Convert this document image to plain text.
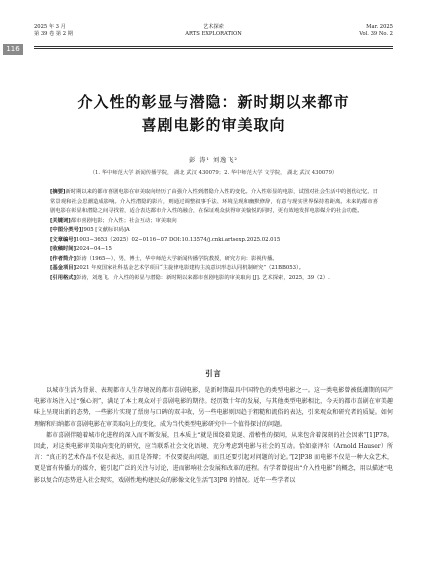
116
2025 年 3 月
第 39 卷 第 2 期
艺术探索
ARTS EXPLORATION
Mar. 2025
Vol. 39 No. 2
介入性的彰显与潜隐：新时期以来都市
喜剧电影的审美取向
彭 涛¹ 刘逸飞²
（1. 华中师范大学 新闻传播学院， 湖北 武汉 430079；2. 华中师范大学 文学院， 湖北 武汉 430079）

[摘要]新时期以来的都市喜剧电影在审美取向经历了由强介入性到潜隐介入性的变化。介入性彰显的电影，试图对社会生活中的创伤记忆、日常景观和社会思潮造成影响。介入性潜隐的影片，则通过调整叙事手法、环境呈现和幽默修辞，有意与现实世界保持着距离。未来的都市喜剧电影在彰显和潜隐之间寻找着，适合表达都市介入性的融合，在保证观众获得审美愉悦的同时，更有效地发挥电影媒介的社会功能。

[关键词]都市喜剧电影；介入性；社会互动；审美取向

[中图分类号]J905 [文献标识码]A

[文章编号]1003−3653（2025）02−0116−07 DOI:10.13574/j.cnki.artsexp.2025.02.015

[收稿时间]2024−04−15

[作者简介]彭涛（1965—），男，博士，华中师范大学新闻传播学院教授，研究方向：影视传播。

[基金项目]2021 年度国家社科基金艺术学项目“主旋律电影建构主流意识形态认同机制研究”（21BB053）。

[引用格式]彭涛，刘逸飞．介入性的彰显与潜隐：新时期以来都市喜剧电影的审美取向 [J]. 艺术探索，2025，39（2）.

引言

以城市生活为背景、表现都市人生存境况的都市喜剧电影，是新时期最具中国特色的类型电影之一。这一类电影曾被低潮期的国产电影市场注入过“强心剂”，满足了本土观众对于喜剧电影的期待。经历数十年的发展，与其他类型电影相比，今天的都市喜剧在审美趣味上呈现出新的态势，一些影片实现了票房与口碑的双丰收，另一些电影则因趋于粗糙和流俗的表达，引来观众和研究者的质疑。如何理解和归纳都市喜剧电影在审美取向上的变化，成为当代类型电影研究中一个值得探讨的问题。

都市喜剧伴随着城市化进程的深入而不断发展，且本质上“就是围绕着荒诞、滑稽性的探问，从来包含着深刻的社会因素”[1]P78。因此，对这类电影审美取向变化的研究，应当联系社会文化语境、充分考虑到电影与社会的互动。恰如豪泽尔（Arnold Hauser）所言：“真正的艺术作品不仅是表达，而且是答辩；不仅要提出问题，而且还要引起对问题的讨论。”[2]P38 而电影不仅是一种大众艺术，更是富有传播力的媒介，能引起广泛的关注与讨论，进而影响社会发展和改革的进程。有学者曾提出“介入性电影”的概念，用以描述“电影以复合的态势进入社会现实，戏剧性地构建民众的影像文化生活”[3]P8 的情况。近年一些学者以
